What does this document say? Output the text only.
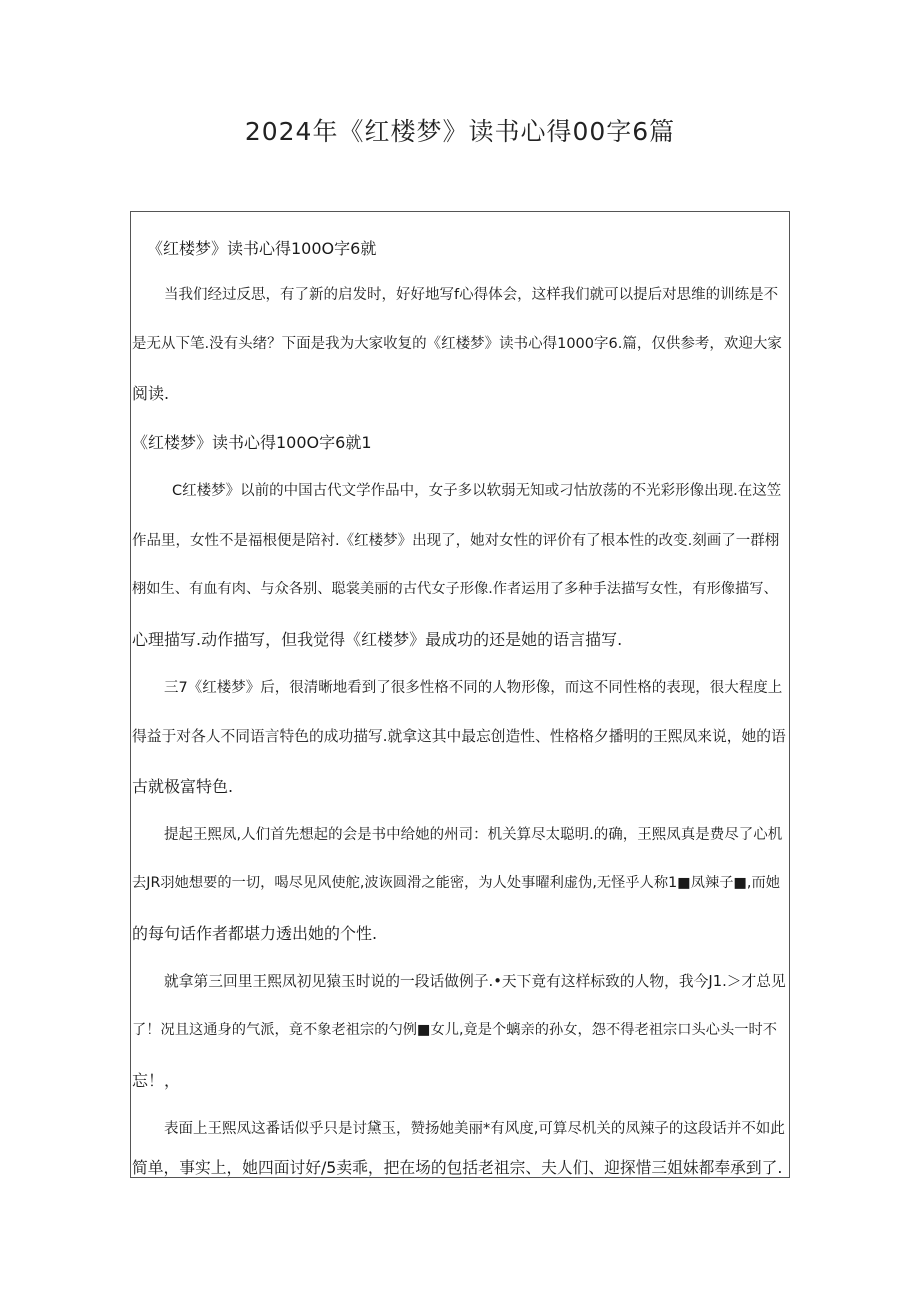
2024年《红楼梦》读书心得00字6篇
《红楼梦》读书心得100O字6就
当我们经过反思，有了新的启发时，好好地写f心得体会，这样我们就可以提后对思维的训练是不
是无从下笔.没有头绪？下面是我为大家收复的《红楼梦》读书心得1000字6.篇，仅供参考，欢迎大家
阅读.
《红楼梦》读书心得100O字6就1
C红楼梦》以前的中国古代文学作品中，女子多以软弱无知或刁怙放荡的不光彩形像出现.在这笠
作品里，女性不是福根便是陪衬.《红楼梦》出现了，她对女性的评价有了根本性的改变.刻画了一群栩
栩如生、有血有肉、与众各别、聪裳美丽的古代女子形像.作者运用了多种手法描写女性，有形像描写、
心理描写.动作描写，但我觉得《红楼梦》最成功的还是她的语言描写.
三7《红楼梦》后，很清晰地看到了很多性格不同的人物形像，而这不同性格的表现，很大程度上
得益于对各人不同语言特色的成功描写.就拿这其中最忘创造性、性格格夕播明的王熙凤来说，她的语
古就极富特色.
提起王熙凤,人们首先想起的会是书中给她的州司：机关算尽太聪明.的确，王熙凤真是费尽了心机
去JR羽她想要的一切，喝尽见风使舵,波诙圆滑之能密，为人处事曜利虚伪,无怪乎人称1■凤辣子■,而她
的每句话作者都堪力透出她的个性.
就拿第三回里王熙凤初见猿玉时说的一段话做例子.•天下竟有这样标致的人物，我今J1.＞才总见
了！况且这通身的气派，竟不象老祖宗的勺例■女儿,竟是个螭亲的孙女，怨不得老祖宗口头心头一时不
忘！，
表面上王熙凤这番话似乎只是讨黛玉，赞扬她美丽*有风度,可算尽机关的凤辣子的这段话并不如此
简单，事实上，她四面讨好/5卖乖，把在场的包括老祖宗、夫人们、迎探惜三姐妹都奉承到了.
